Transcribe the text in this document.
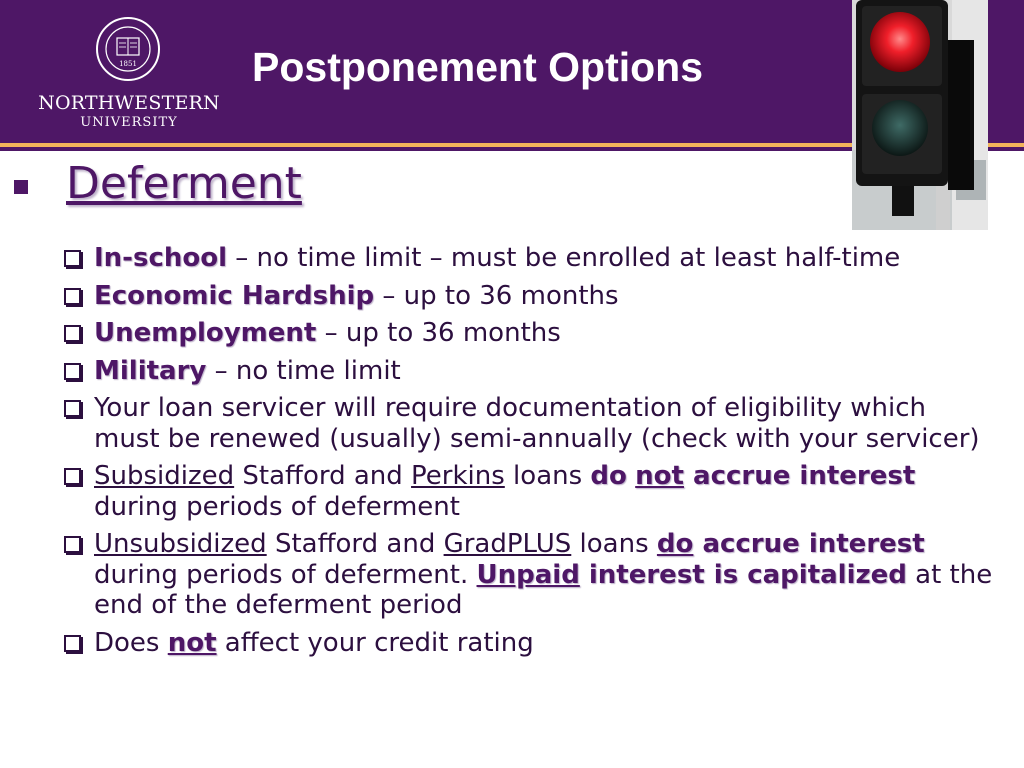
1851
NORTHWESTERN
UNIVERSITY
Postponement Options
Deferment
In-school – no time limit – must be enrolled at least half-time
Economic Hardship – up to 36 months
Unemployment – up to 36 months
Military – no time limit
Your loan servicer will require documentation of eligibility which must be renewed (usually) semi-annually (check with your servicer)
Subsidized Stafford and Perkins loans do not accrue interest during periods of deferment
Unsubsidized Stafford and GradPLUS loans do accrue interest during periods of deferment. Unpaid interest is capitalized at the end of the deferment period
Does not affect your credit rating
